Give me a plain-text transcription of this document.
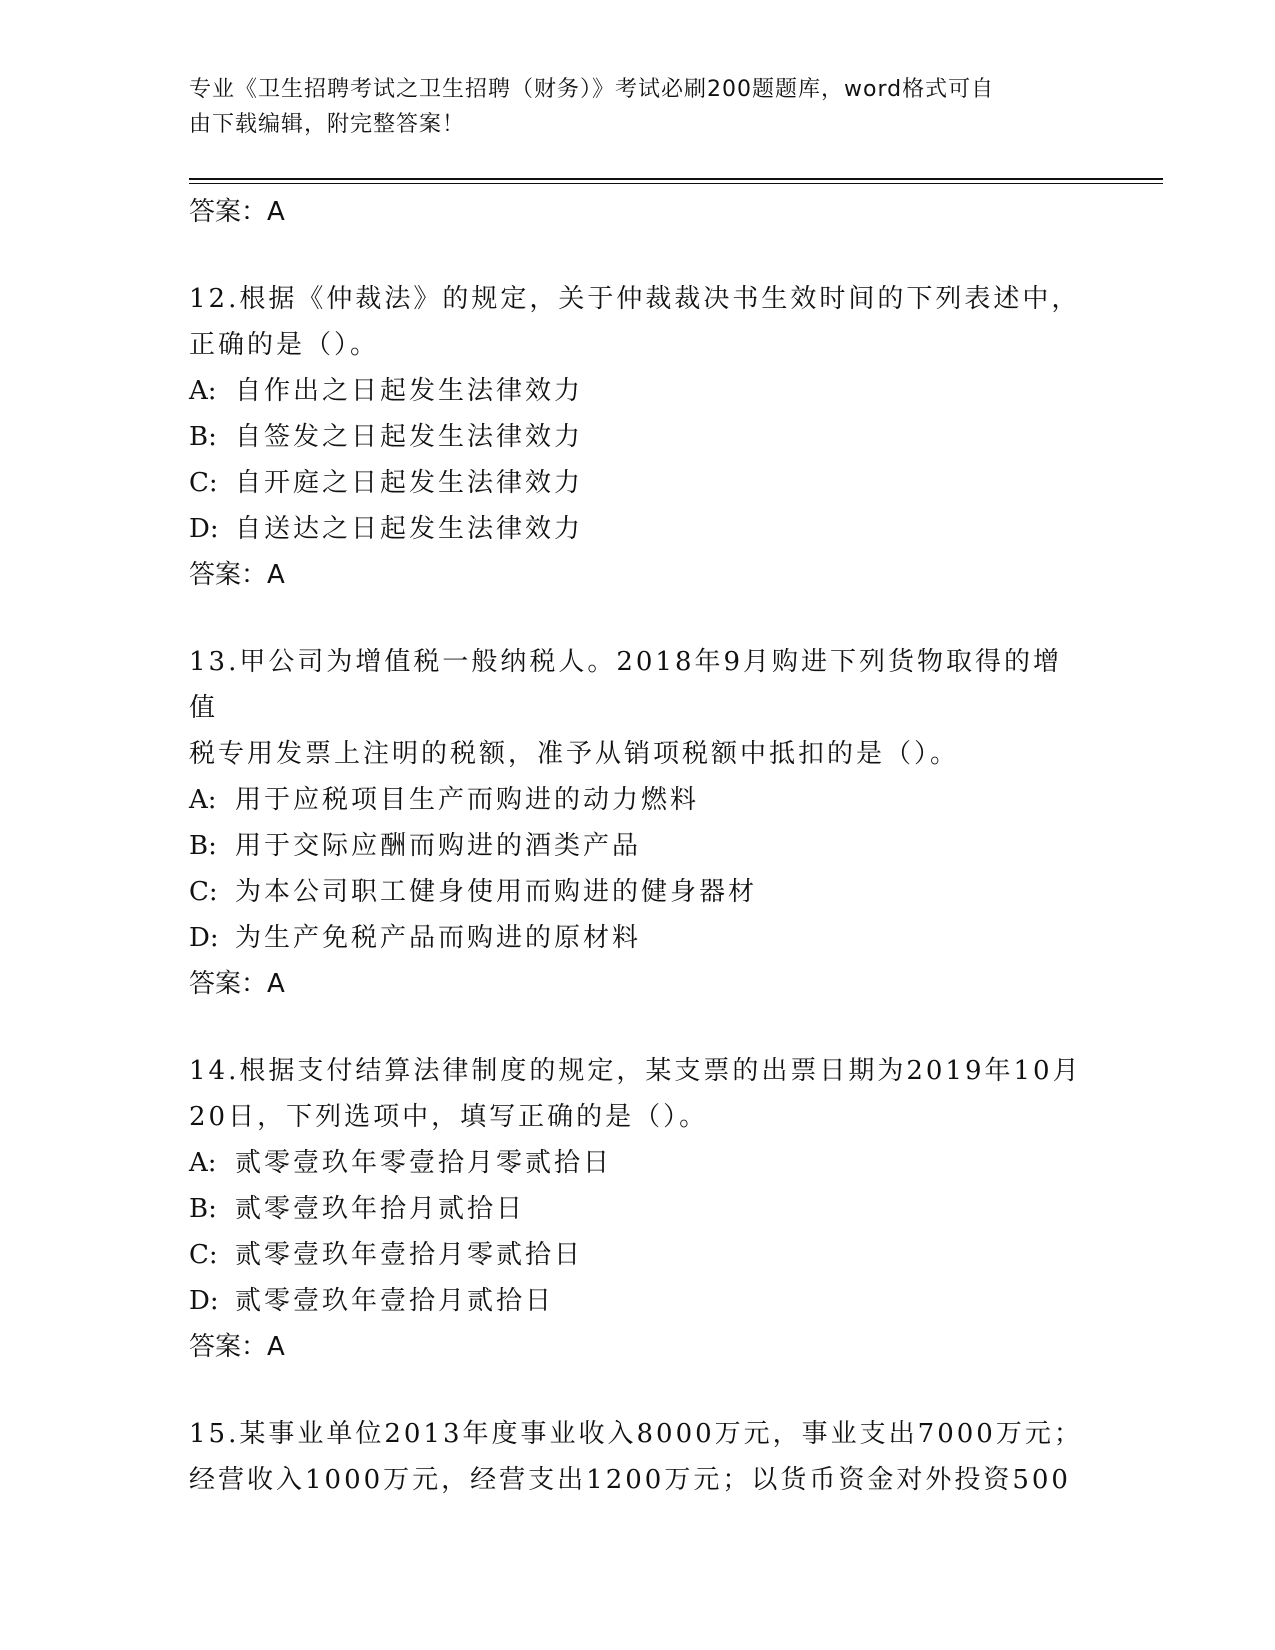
专业《卫生招聘考试之卫生招聘（财务）》考试必刷200题题库，word格式可自
由下载编辑，附完整答案！
答案：A
12.根据《仲裁法》的规定，关于仲裁裁决书生效时间的下列表述中，
正确的是（）。
A: 自作出之日起发生法律效力
B: 自签发之日起发生法律效力
C: 自开庭之日起发生法律效力
D: 自送达之日起发生法律效力
答案：A
13.甲公司为增值税一般纳税人。2018年9月购进下列货物取得的增值
税专用发票上注明的税额，准予从销项税额中抵扣的是（）。
A: 用于应税项目生产而购进的动力燃料
B: 用于交际应酬而购进的酒类产品
C: 为本公司职工健身使用而购进的健身器材
D: 为生产免税产品而购进的原材料
答案：A
14.根据支付结算法律制度的规定，某支票的出票日期为2019年10月
20日，下列选项中，填写正确的是（）。
A: 贰零壹玖年零壹拾月零贰拾日
B: 贰零壹玖年拾月贰拾日
C: 贰零壹玖年壹拾月零贰拾日
D: 贰零壹玖年壹拾月贰拾日
答案：A
15.某事业单位2013年度事业收入8000万元，事业支出7000万元；
经营收入1000万元，经营支出1200万元；以货币资金对外投资500
